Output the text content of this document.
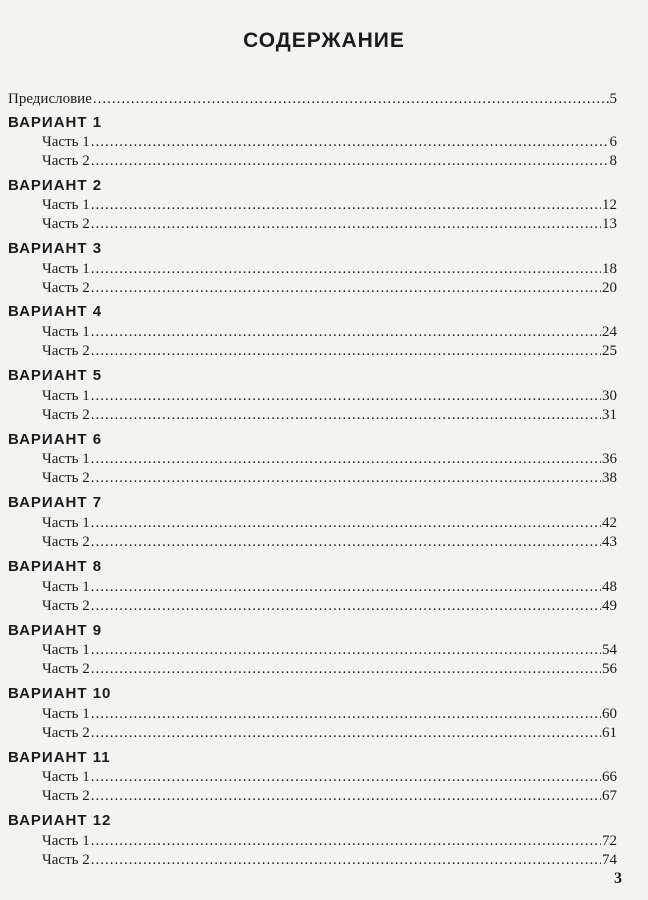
СОДЕРЖАНИЕ
Предисловие .....	5
ВАРИАНТ 1
Часть 1 .....	6
Часть 2 .....	8
ВАРИАНТ 2
Часть 1 .....	12
Часть 2 .....	13
ВАРИАНТ 3
Часть 1 .....	18
Часть 2 .....	20
ВАРИАНТ 4
Часть 1 .....	24
Часть 2 .....	25
ВАРИАНТ 5
Часть 1 .....	30
Часть 2 .....	31
ВАРИАНТ 6
Часть 1 .....	36
Часть 2 .....	38
ВАРИАНТ 7
Часть 1 .....	42
Часть 2 .....	43
ВАРИАНТ 8
Часть 1 .....	48
Часть 2 .....	49
ВАРИАНТ 9
Часть 1 .....	54
Часть 2 .....	56
ВАРИАНТ 10
Часть 1 .....	60
Часть 2 .....	61
ВАРИАНТ 11
Часть 1 .....	66
Часть 2 .....	67
ВАРИАНТ 12
Часть 1 .....	72
Часть 2 .....	74
3
